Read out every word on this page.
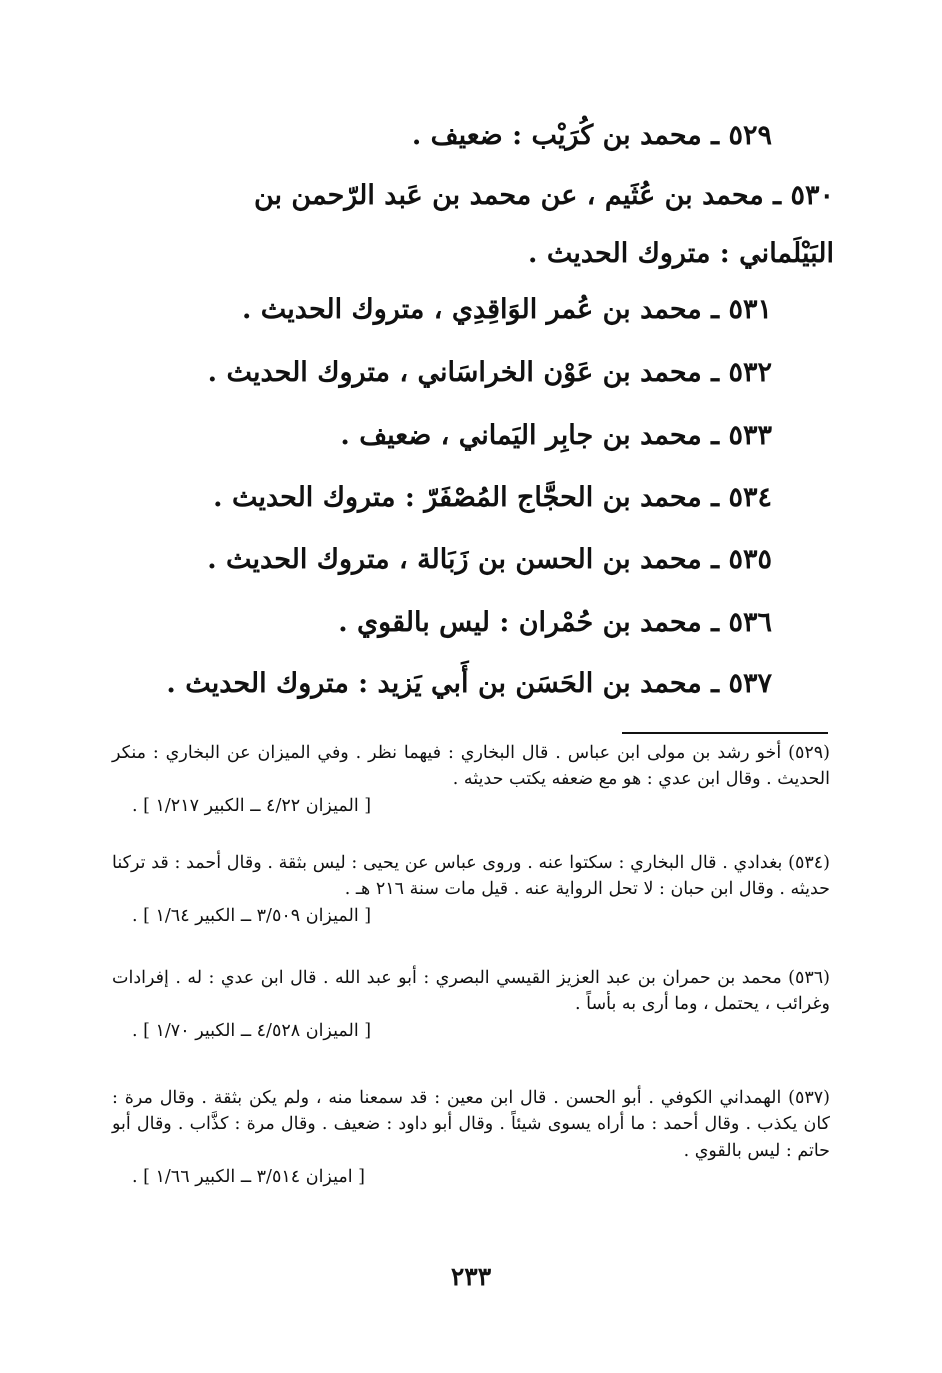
٥٢٩ ـ محمد بن كُرَيْب : ضعيف .
٥٣٠ ـ محمد بن عُثَيم ، عن محمد بن عَبد الرّحمن بن
البَيْلَماني : متروك الحديث .
٥٣١ ـ محمد بن عُمر الوَاقِدِي ، متروك الحديث .
٥٣٢ ـ محمد بن عَوْن الخراسَاني ، متروك الحديث .
٥٣٣ ـ محمد بن جابِر اليَماني ، ضعيف .
٥٣٤ ـ محمد بن الحجَّاج المُصْفَرّ : متروك الحديث .
٥٣٥ ـ محمد بن الحسن بن زَبَالة ، متروك الحديث .
٥٣٦ ـ محمد بن حُمْران : ليس بالقوي .
٥٣٧ ـ محمد بن الحَسَن بن أَبي يَزيد : متروك الحديث .
(٥٢٩) أخو رشد بن مولى ابن عباس . قال البخاري : فيهما نظر . وفي الميزان عن البخاري : منكر الحديث . وقال ابن عدي : هو مع ضعفه يكتب حديثه .
[ الميزان ٤/٢٢ ــ الكبير ١/٢١٧ ] .
(٥٣٤) بغدادي . قال البخاري : سكتوا عنه . وروى عباس عن يحيى : ليس بثقة . وقال أحمد : قد تركنا حديثه . وقال ابن حبان : لا تحل الرواية عنه . قيل مات سنة ٢١٦ هـ .
[ الميزان ٣/٥٠٩ ــ الكبير ١/٦٤ ] .
(٥٣٦) محمد بن حمران بن عبد العزيز القيسي البصري : أبو عبد الله . قال ابن عدي : له . إفرادات وغرائب ، يحتمل ، وما أرى به بأساً .
[ الميزان ٤/٥٢٨ ــ الكبير ١/٧٠ ] .
(٥٣٧) الهمداني الكوفي . أبو الحسن . قال ابن معين : قد سمعنا منه ، ولم يكن بثقة . وقال مرة : كان يكذب . وقال أحمد : ما أراه يسوى شيئاً . وقال أبو داود : ضعيف . وقال مرة : كذَّاب . وقال أبو حاتم : ليس بالقوي .
[ اميزان ٣/٥١٤ ــ الكبير ١/٦٦ ] .
٢٣٣
